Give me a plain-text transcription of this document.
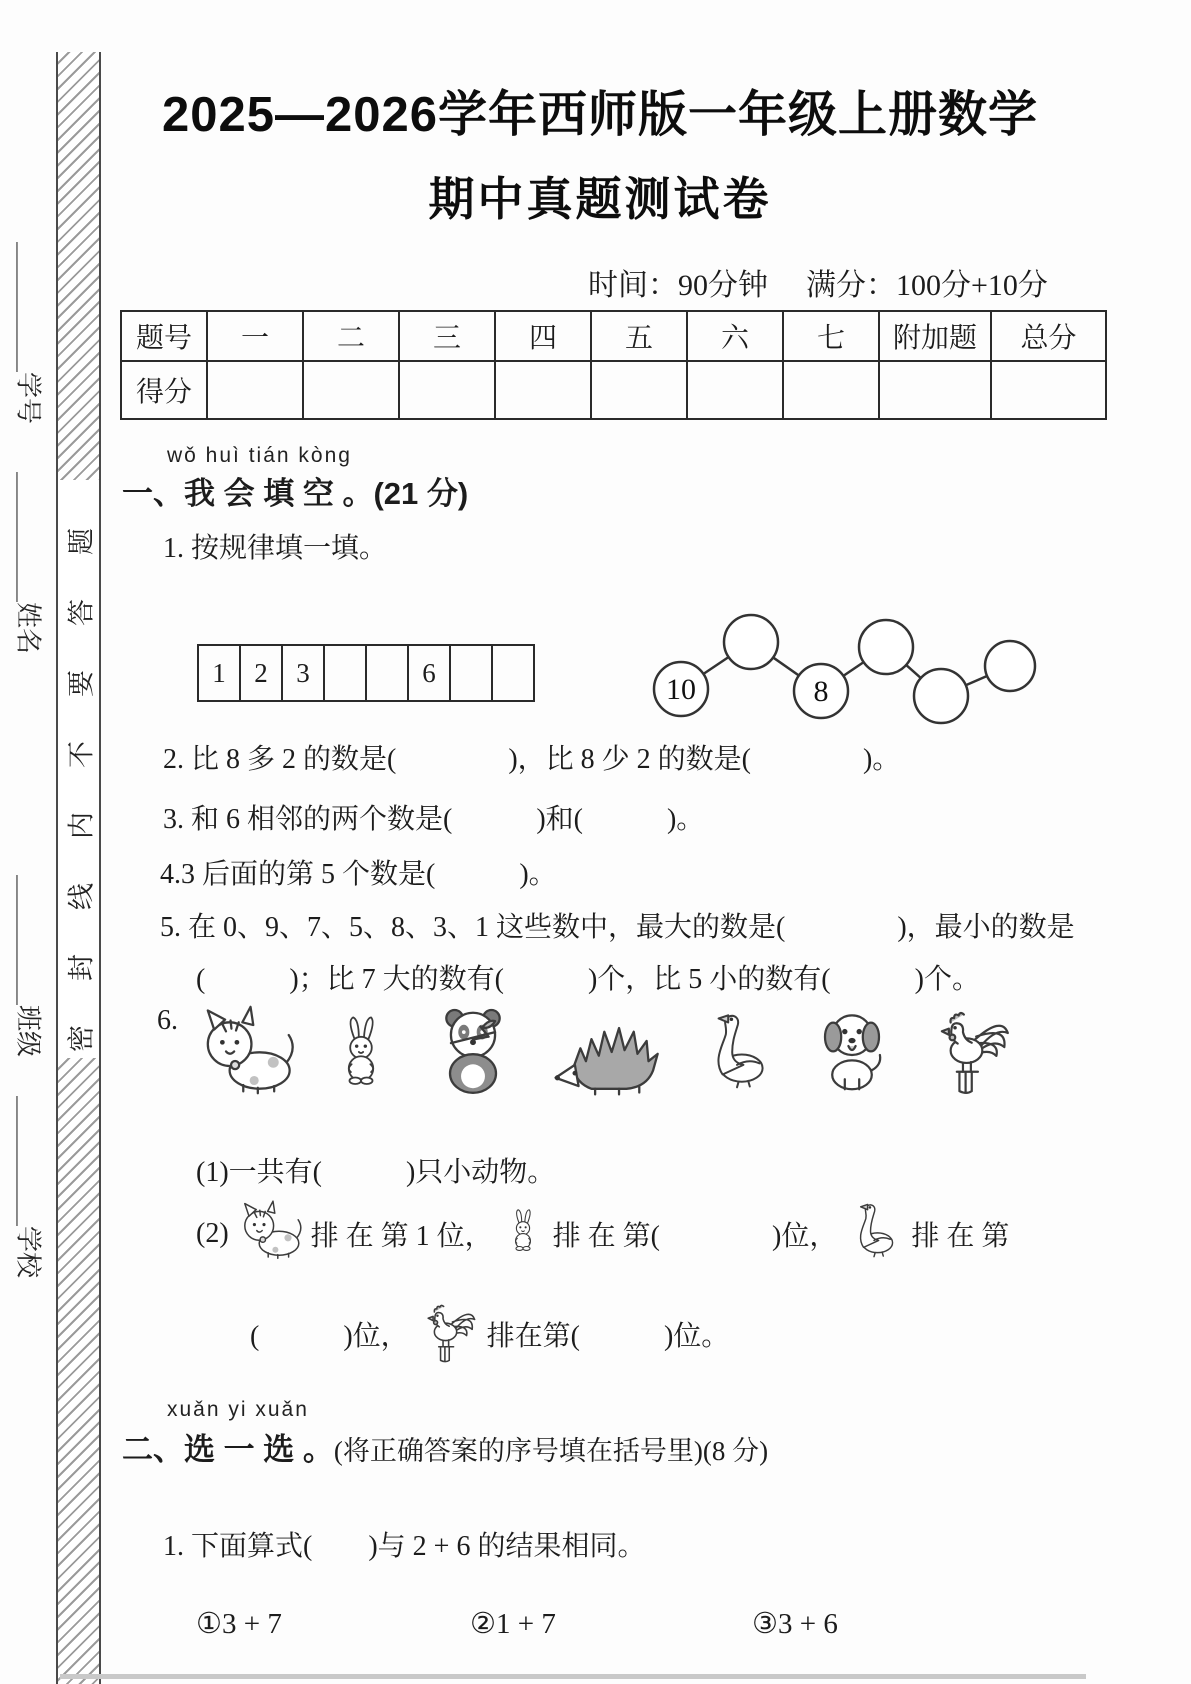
＿＿＿＿＿学号
＿＿＿＿＿姓名
＿＿＿＿＿班级
＿＿＿＿＿学校
密封线内不要答题
2025—2026学年西师版一年级上册数学
期中真题测试卷
时间：90分钟 满分：100分+10分
题号	一	二	三	四	五	六	七	附加题	总分
得分									
wǒ huì tián kòng
一、我 会 填 空 。(21 分)
1. 按规律填一填。
1	2	3			6		
10	8
2. 比 8 多 2 的数是(　　　　)，比 8 少 2 的数是(　　　　)。
3. 和 6 相邻的两个数是(　　　)和(　　　)。
4.3 后面的第 5 个数是(　　　)。
5. 在 0、9、7、5、8、3、1 这些数中，最大的数是(　　　　)，最小的数是
(　　　)；比 7 大的数有(　　　)个，比 5 小的数有(　　　)个。
6.
(1)一共有(　　　)只小动物。
(2)	排 在 第 1 位， 排 在 第(　　　　)位，	排 在 第
(　　　)位，	排在第(　　　)位。
xuǎn yi xuǎn
二、选 一 选 。(将正确答案的序号填在括号里)(8 分)
1. 下面算式(　　)与 2 + 6 的结果相同。
①3 + 7	②1 + 7	③3 + 6
